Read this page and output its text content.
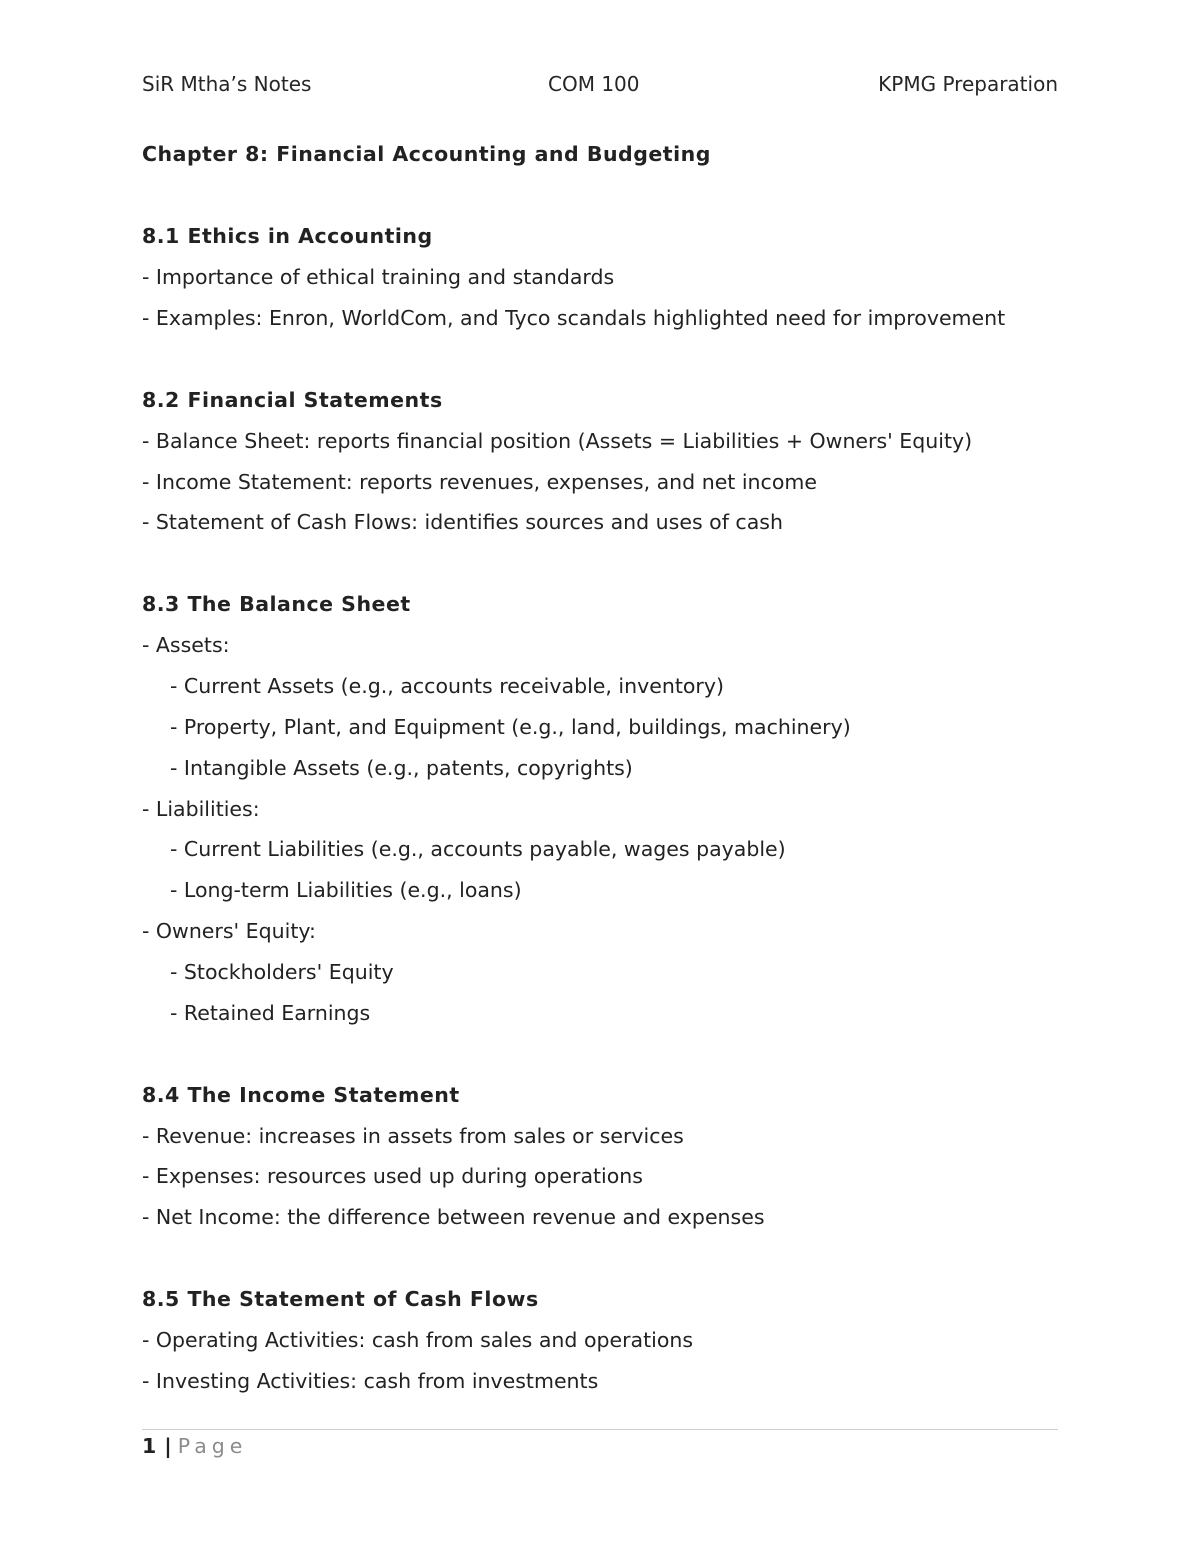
SiR Mtha’s Notes	COM 100	KPMG Preparation

Chapter 8: Financial Accounting and Budgeting

8.1 Ethics in Accounting

- Importance of ethical training and standards

- Examples: Enron, WorldCom, and Tyco scandals highlighted need for improvement

8.2 Financial Statements

- Balance Sheet: reports financial position (Assets = Liabilities + Owners' Equity)

- Income Statement: reports revenues, expenses, and net income

- Statement of Cash Flows: identifies sources and uses of cash

8.3 The Balance Sheet

- Assets:

- Current Assets (e.g., accounts receivable, inventory)

- Property, Plant, and Equipment (e.g., land, buildings, machinery)

- Intangible Assets (e.g., patents, copyrights)

- Liabilities:

- Current Liabilities (e.g., accounts payable, wages payable)

- Long-term Liabilities (e.g., loans)

- Owners' Equity:

- Stockholders' Equity

- Retained Earnings

8.4 The Income Statement

- Revenue: increases in assets from sales or services

- Expenses: resources used up during operations

- Net Income: the difference between revenue and expenses

8.5 The Statement of Cash Flows

- Operating Activities: cash from sales and operations

- Investing Activities: cash from investments

1 | Page
